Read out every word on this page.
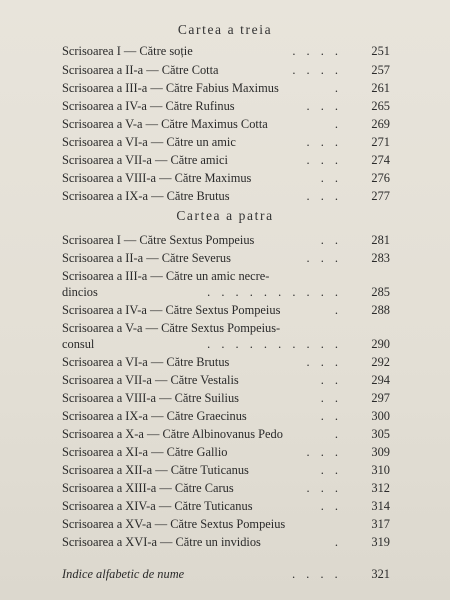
Cartea a treia
Scrisoarea I — Către soție	. . . .	251
Scrisoarea a II-a — Către Cotta	. . . .	257
Scrisoarea a III-a — Către Fabius Maximus	.	261
Scrisoarea a IV-a — Către Rufinus	. . .	265
Scrisoarea a V-a — Către Maximus Cotta	.	269
Scrisoarea a VI-a — Către un amic	. . .	271
Scrisoarea a VII-a — Către amici	. . .	274
Scrisoarea a VIII-a — Către Maximus	. .	276
Scrisoarea a IX-a — Către Brutus	. . .	277
Cartea a patra
Scrisoarea I — Către Sextus Pompeius	. .	281
Scrisoarea a II-a — Către Severus	. . .	283
Scrisoarea a III-a — Către un amic necre-
dincios	. . . . . . . . . .	285
Scrisoarea a IV-a — Către Sextus Pompeius	.	288
Scrisoarea a V-a — Către Sextus Pompeius-
consul	. . . . . . . . . .	290
Scrisoarea a VI-a — Către Brutus	. . .	292
Scrisoarea a VII-a — Către Vestalis	. .	294
Scrisoarea a VIII-a — Către Suilius	. .	297
Scrisoarea a IX-a — Către Graecinus	. .	300
Scrisoarea a X-a — Către Albinovanus Pedo	.	305
Scrisoarea a XI-a — Către Gallio	. . .	309
Scrisoarea a XII-a — Către Tuticanus	. .	310
Scrisoarea a XIII-a — Către Carus	. . .	312
Scrisoarea a XIV-a — Către Tuticanus	. .	314
Scrisoarea a XV-a — Către Sextus Pompeius	317
Scrisoarea a XVI-a — Către un invidios	.	319
Indice alfabetic de nume	. . . .	321
